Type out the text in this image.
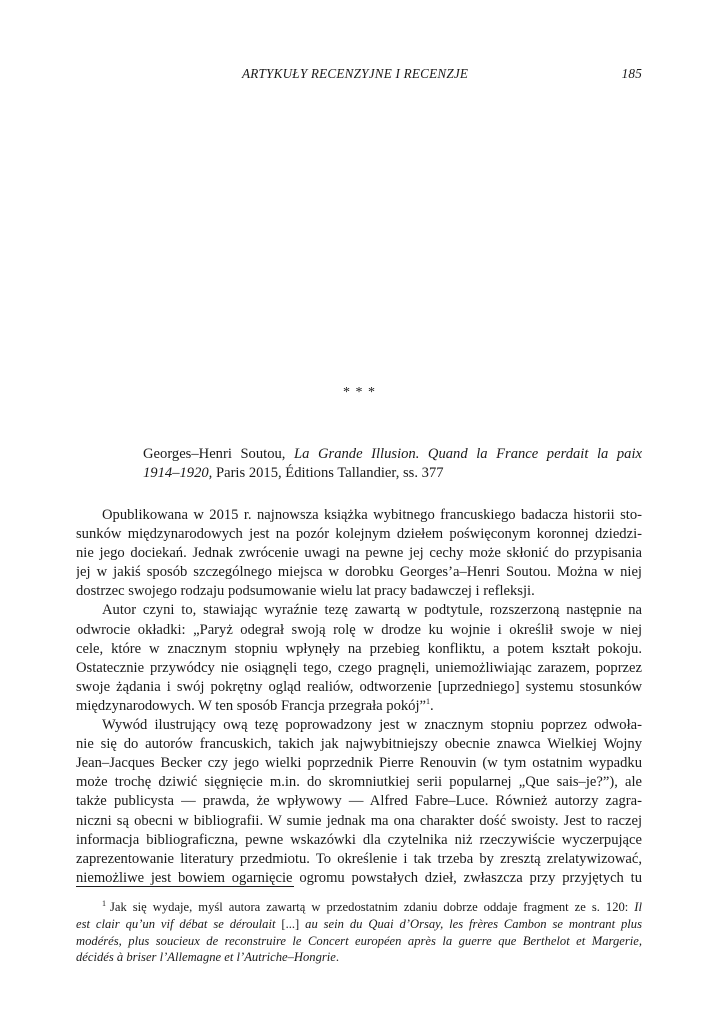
ARTYKUŁY RECENZYJNE I RECENZJE	185
* * *
Georges–Henri Soutou, La Grande Illusion. Quand la France perdait la paix
1914–1920, Paris 2015, Éditions Tallandier, ss. 377
Opublikowana w 2015 r. najnowsza książka wybitnego francuskiego badacza historii sto-
sunków międzynarodowych jest na pozór kolejnym dziełem poświęconym koronnej dziedzi-
nie jego dociekań. Jednak zwrócenie uwagi na pewne jej cechy może skłonić do przypisania
jej w jakiś sposób szczególnego miejsca w dorobku Georges’a–Henri Soutou. Można w niej
dostrzec swojego rodzaju podsumowanie wielu lat pracy badawczej i refleksji.
Autor czyni to, stawiając wyraźnie tezę zawartą w podtytule, rozszerzoną następnie na
odwrocie okładki: „Paryż odegrał swoją rolę w drodze ku wojnie i określił swoje w niej
cele, które w znacznym stopniu wpłynęły na przebieg konfliktu, a potem kształt pokoju.
Ostatecznie przywódcy nie osiągnęli tego, czego pragnęli, uniemożliwiając zarazem, poprzez
swoje żądania i swój pokrętny ogląd realiów, odtworzenie [uprzedniego] systemu stosunków
międzynarodowych. W ten sposób Francja przegrała pokój”$^1$.
Wywód ilustrujący ową tezę poprowadzony jest w znacznym stopniu poprzez odwoła-
nie się do autorów francuskich, takich jak najwybitniejszy obecnie znawca Wielkiej Wojny
Jean–Jacques Becker czy jego wielki poprzednik Pierre Renouvin (w tym ostatnim wypadku
może trochę dziwić sięgnięcie m.in. do skromniutkiej serii popularnej „Que sais–je?”), ale
także publicysta — prawda, że wpływowy — Alfred Fabre–Luce. Również autorzy zagra-
niczni są obecni w bibliografii. W sumie jednak ma ona charakter dość swoisty. Jest to raczej
informacja bibliograficzna, pewne wskazówki dla czytelnika niż rzeczywiście wyczerpujące
zaprezentowanie literatury przedmiotu. To określenie i tak trzeba by zresztą zrelatywizować,
niemożliwe jest bowiem ogarnięcie ogromu powstałych dzieł, zwłaszcza przy przyjętych tu
$^1$ Jak się wydaje, myśl autora zawartą w przedostatnim zdaniu dobrze oddaje fragment ze s. 120: Il
est clair qu’un vif débat se déroulait [...] au sein du Quai d’Orsay, les frères Cambon se montrant plus
modérés, plus soucieux de reconstruire le Concert européen après la guerre que Berthelot et Margerie,
décidés à briser l’Allemagne et l’Autriche–Hongrie.
